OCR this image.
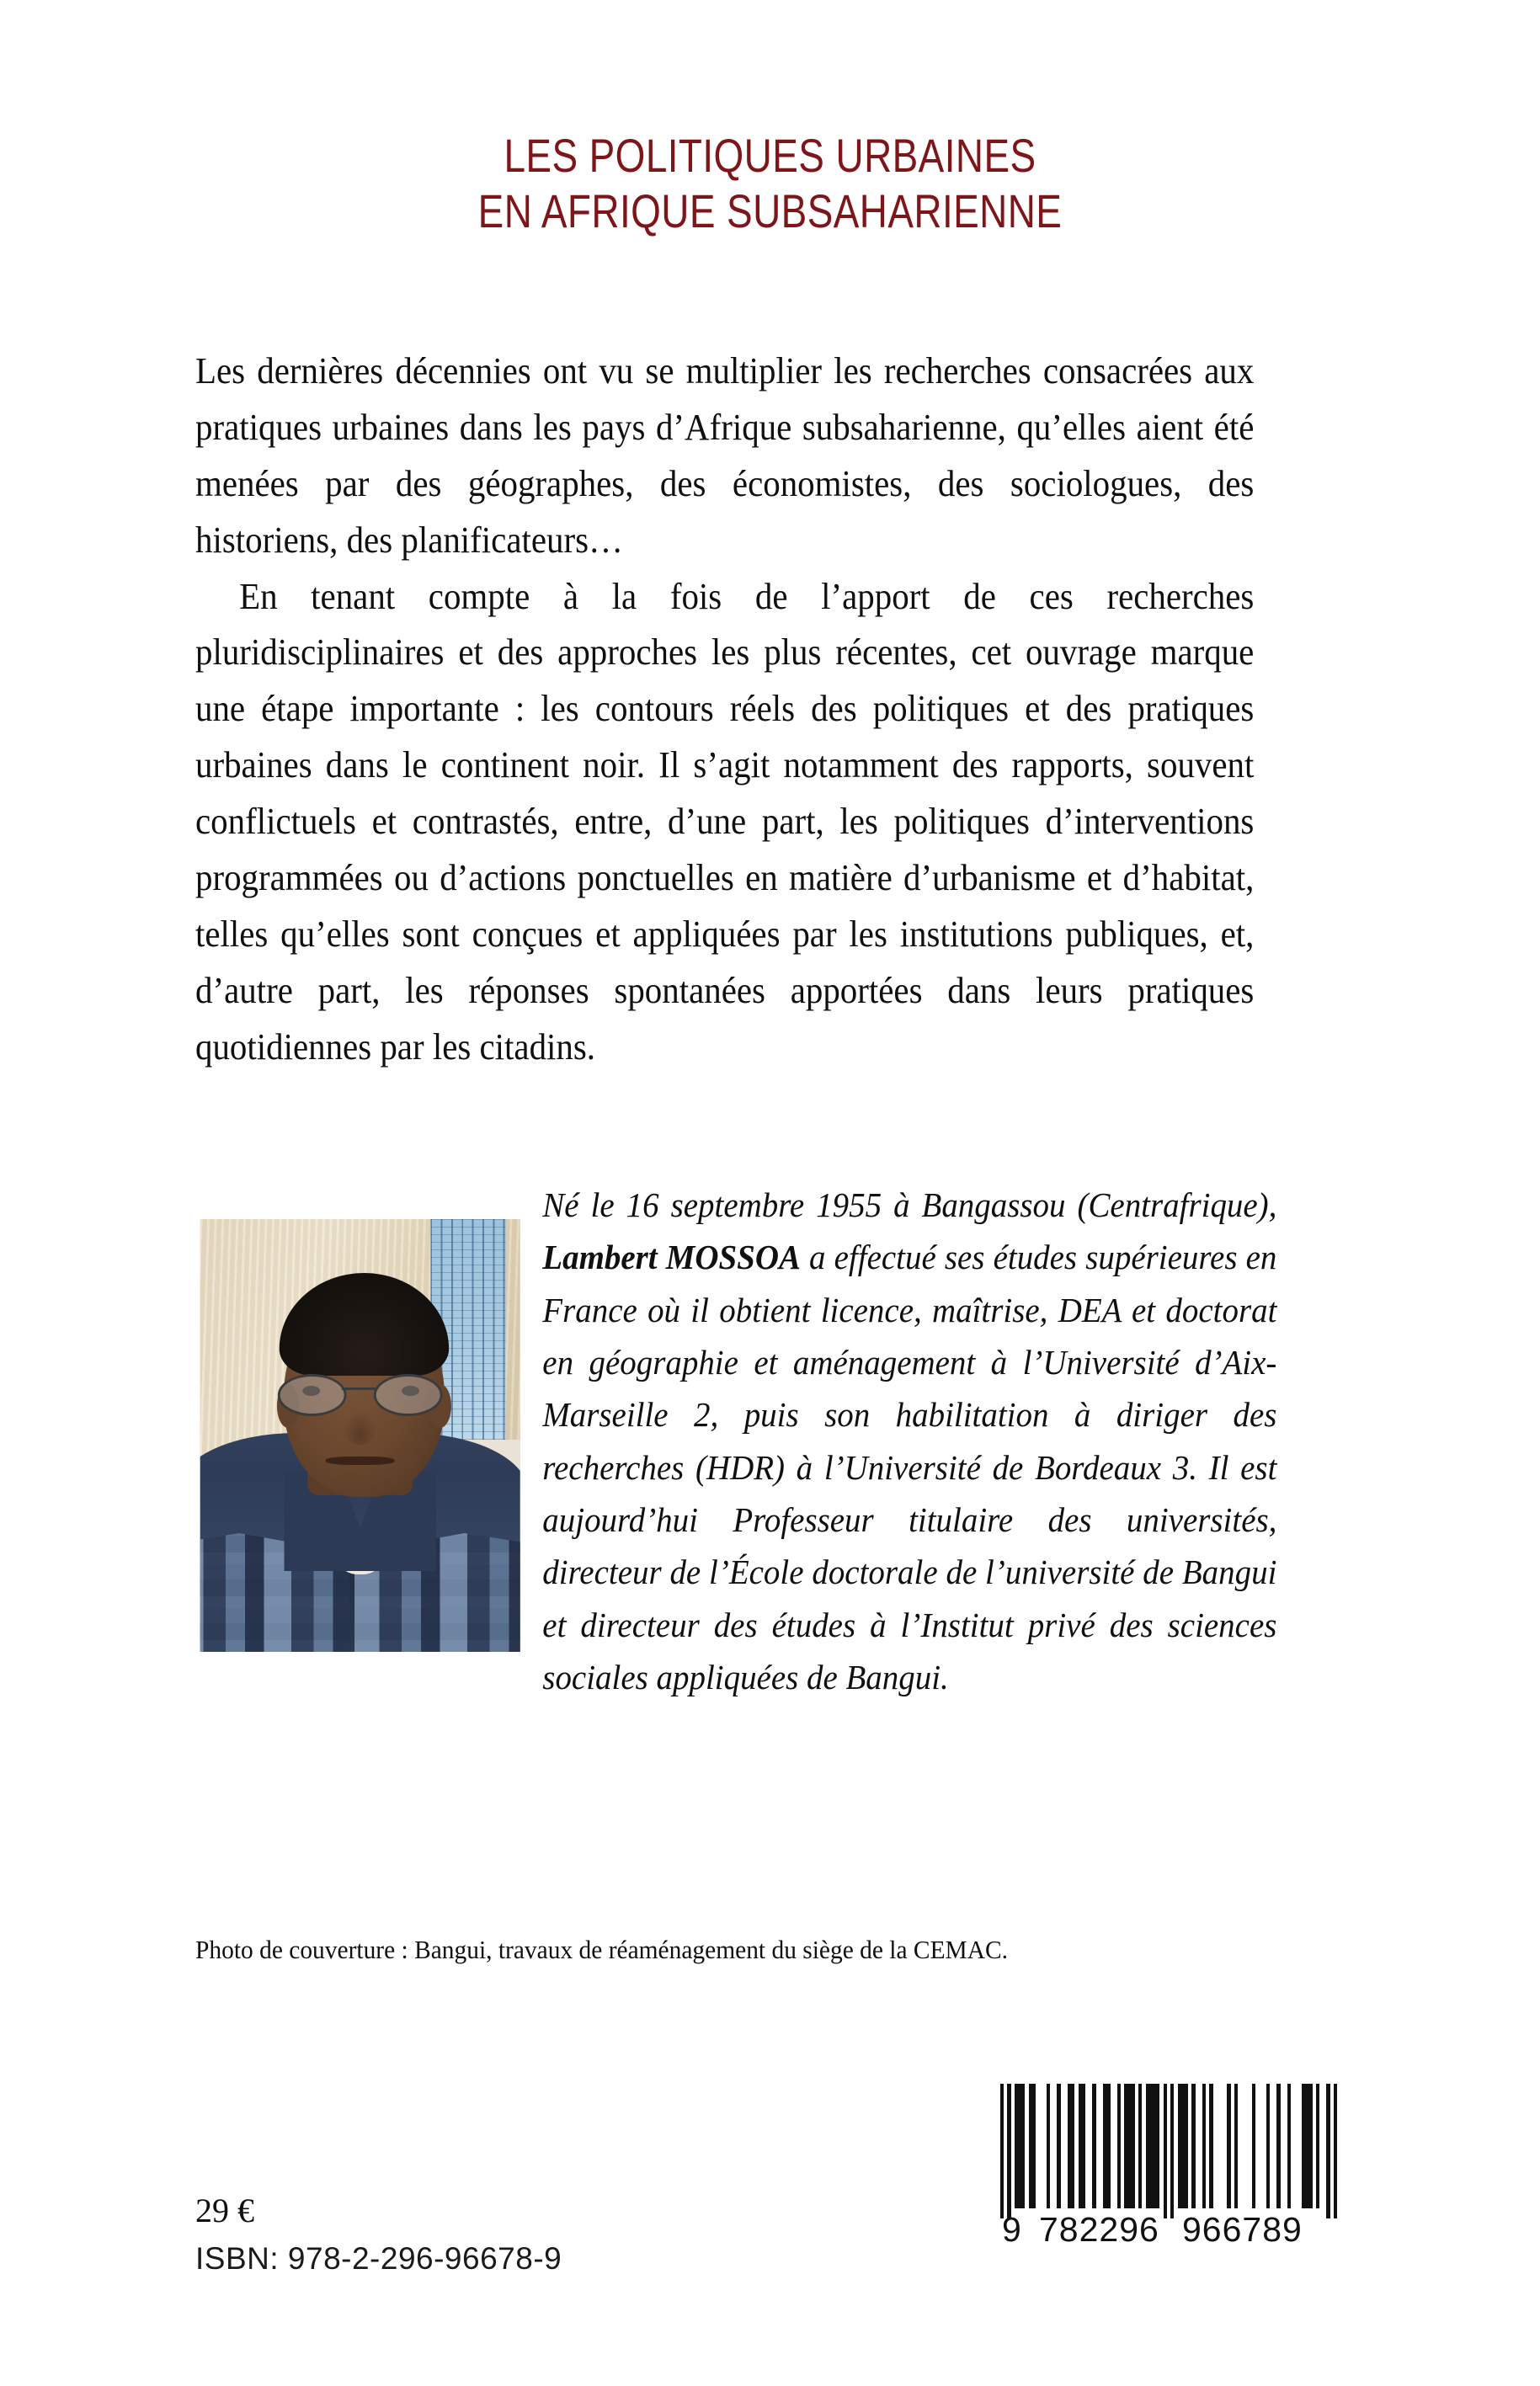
LES POLITIQUES URBAINES
EN AFRIQUE SUBSAHARIENNE

Les dernières décennies ont vu se multiplier les recherches consacrées aux pratiques urbaines dans les pays d’Afrique subsaharienne, qu’elles aient été menées par des géographes, des économistes, des sociologues, des historiens, des planificateurs…

En tenant compte à la fois de l’apport de ces recherches pluridisciplinaires et des approches les plus récentes, cet ouvrage marque une étape importante : les contours réels des politiques et des pratiques urbaines dans le continent noir. Il s’agit notamment des rapports, souvent conflictuels et contrastés, entre, d’une part, les politiques d’interventions programmées ou d’actions ponctuelles en matière d’urbanisme et d’habitat, telles qu’elles sont conçues et appliquées par les institutions publiques, et, d’autre part, les réponses spontanées apportées dans leurs pratiques quotidiennes par les citadins.

Né le 16 septembre 1955 à Bangassou (Centrafrique), Lambert MOSSOA a effectué ses études supérieures en France où il obtient licence, maîtrise, DEA et doctorat en géographie et aménagement à l’Université d’Aix-Marseille 2, puis son habilitation à diriger des recherches (HDR) à l’Université de Bordeaux 3. Il est aujourd’hui Professeur titulaire des universités, directeur de l’École doctorale de l’université de Bangui et directeur des études à l’Institut privé des sciences sociales appliquées de Bangui.

Photo de couverture : Bangui, travaux de réaménagement du siège de la CEMAC.
29 €
ISBN: 978-2-296-96678-9
9 782296 966789
